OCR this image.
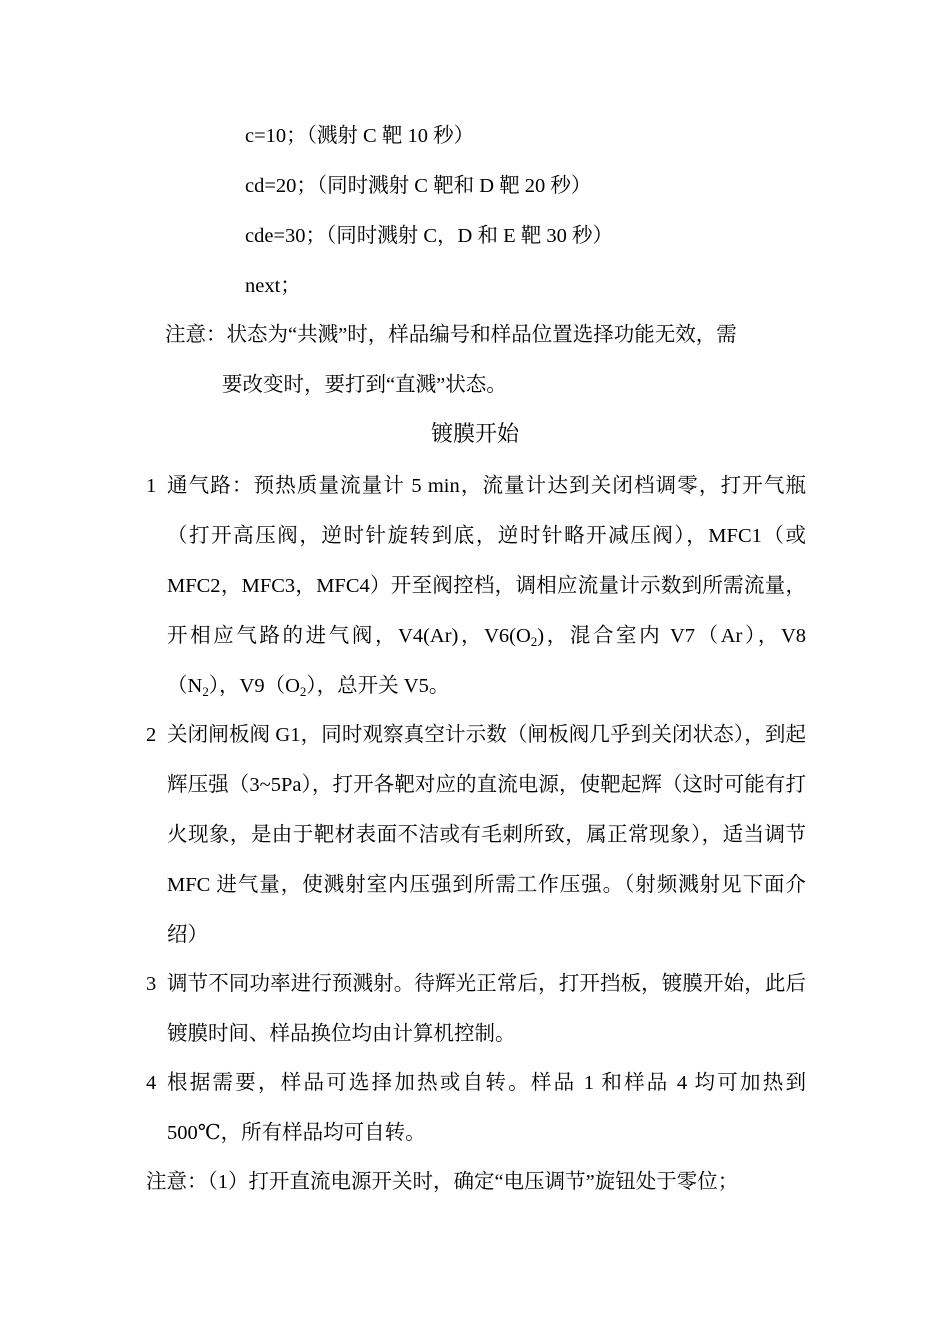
c=10；（溅射 C 靶 10 秒）
cd=20；（同时溅射 C 靶和 D 靶 20 秒）
cde=30；（同时溅射 C，D 和 E 靶 30 秒）
next；
注意：状态为“共溅”时，样品编号和样品位置选择功能无效，需
要改变时，要打到“直溅”状态。
镀膜开始
1 通气路：预热质量流量计 5 min，流量计达到关闭档调零，打开气瓶（打开高压阀，逆时针旋转到底，逆时针略开减压阀），MFC1（或 MFC2，MFC3，MFC4）开至阀控档，调相应流量计示数到所需流量，开相应气路的进气阀，V4(Ar)，$V6(O_2)$，混合室内 V7（Ar），$V8(N_2)$，$V9(O_2)$，总开关 V5。
2 关闭闸板阀 G1，同时观察真空计示数（闸板阀几乎到关闭状态），到起辉压强（3~5Pa），打开各靶对应的直流电源，使靶起辉（这时可能有打火现象，是由于靶材表面不洁或有毛刺所致，属正常现象），适当调节 MFC 进气量，使溅射室内压强到所需工作压强。（射频溅射见下面介绍）
3 调节不同功率进行预溅射。待辉光正常后，打开挡板，镀膜开始，此后镀膜时间、样品换位均由计算机控制。
4 根据需要，样品可选择加热或自转。样品 1 和样品 4 均可加热到 500℃，所有样品均可自转。
注意：（1）打开直流电源开关时，确定“电压调节”旋钮处于零位；
